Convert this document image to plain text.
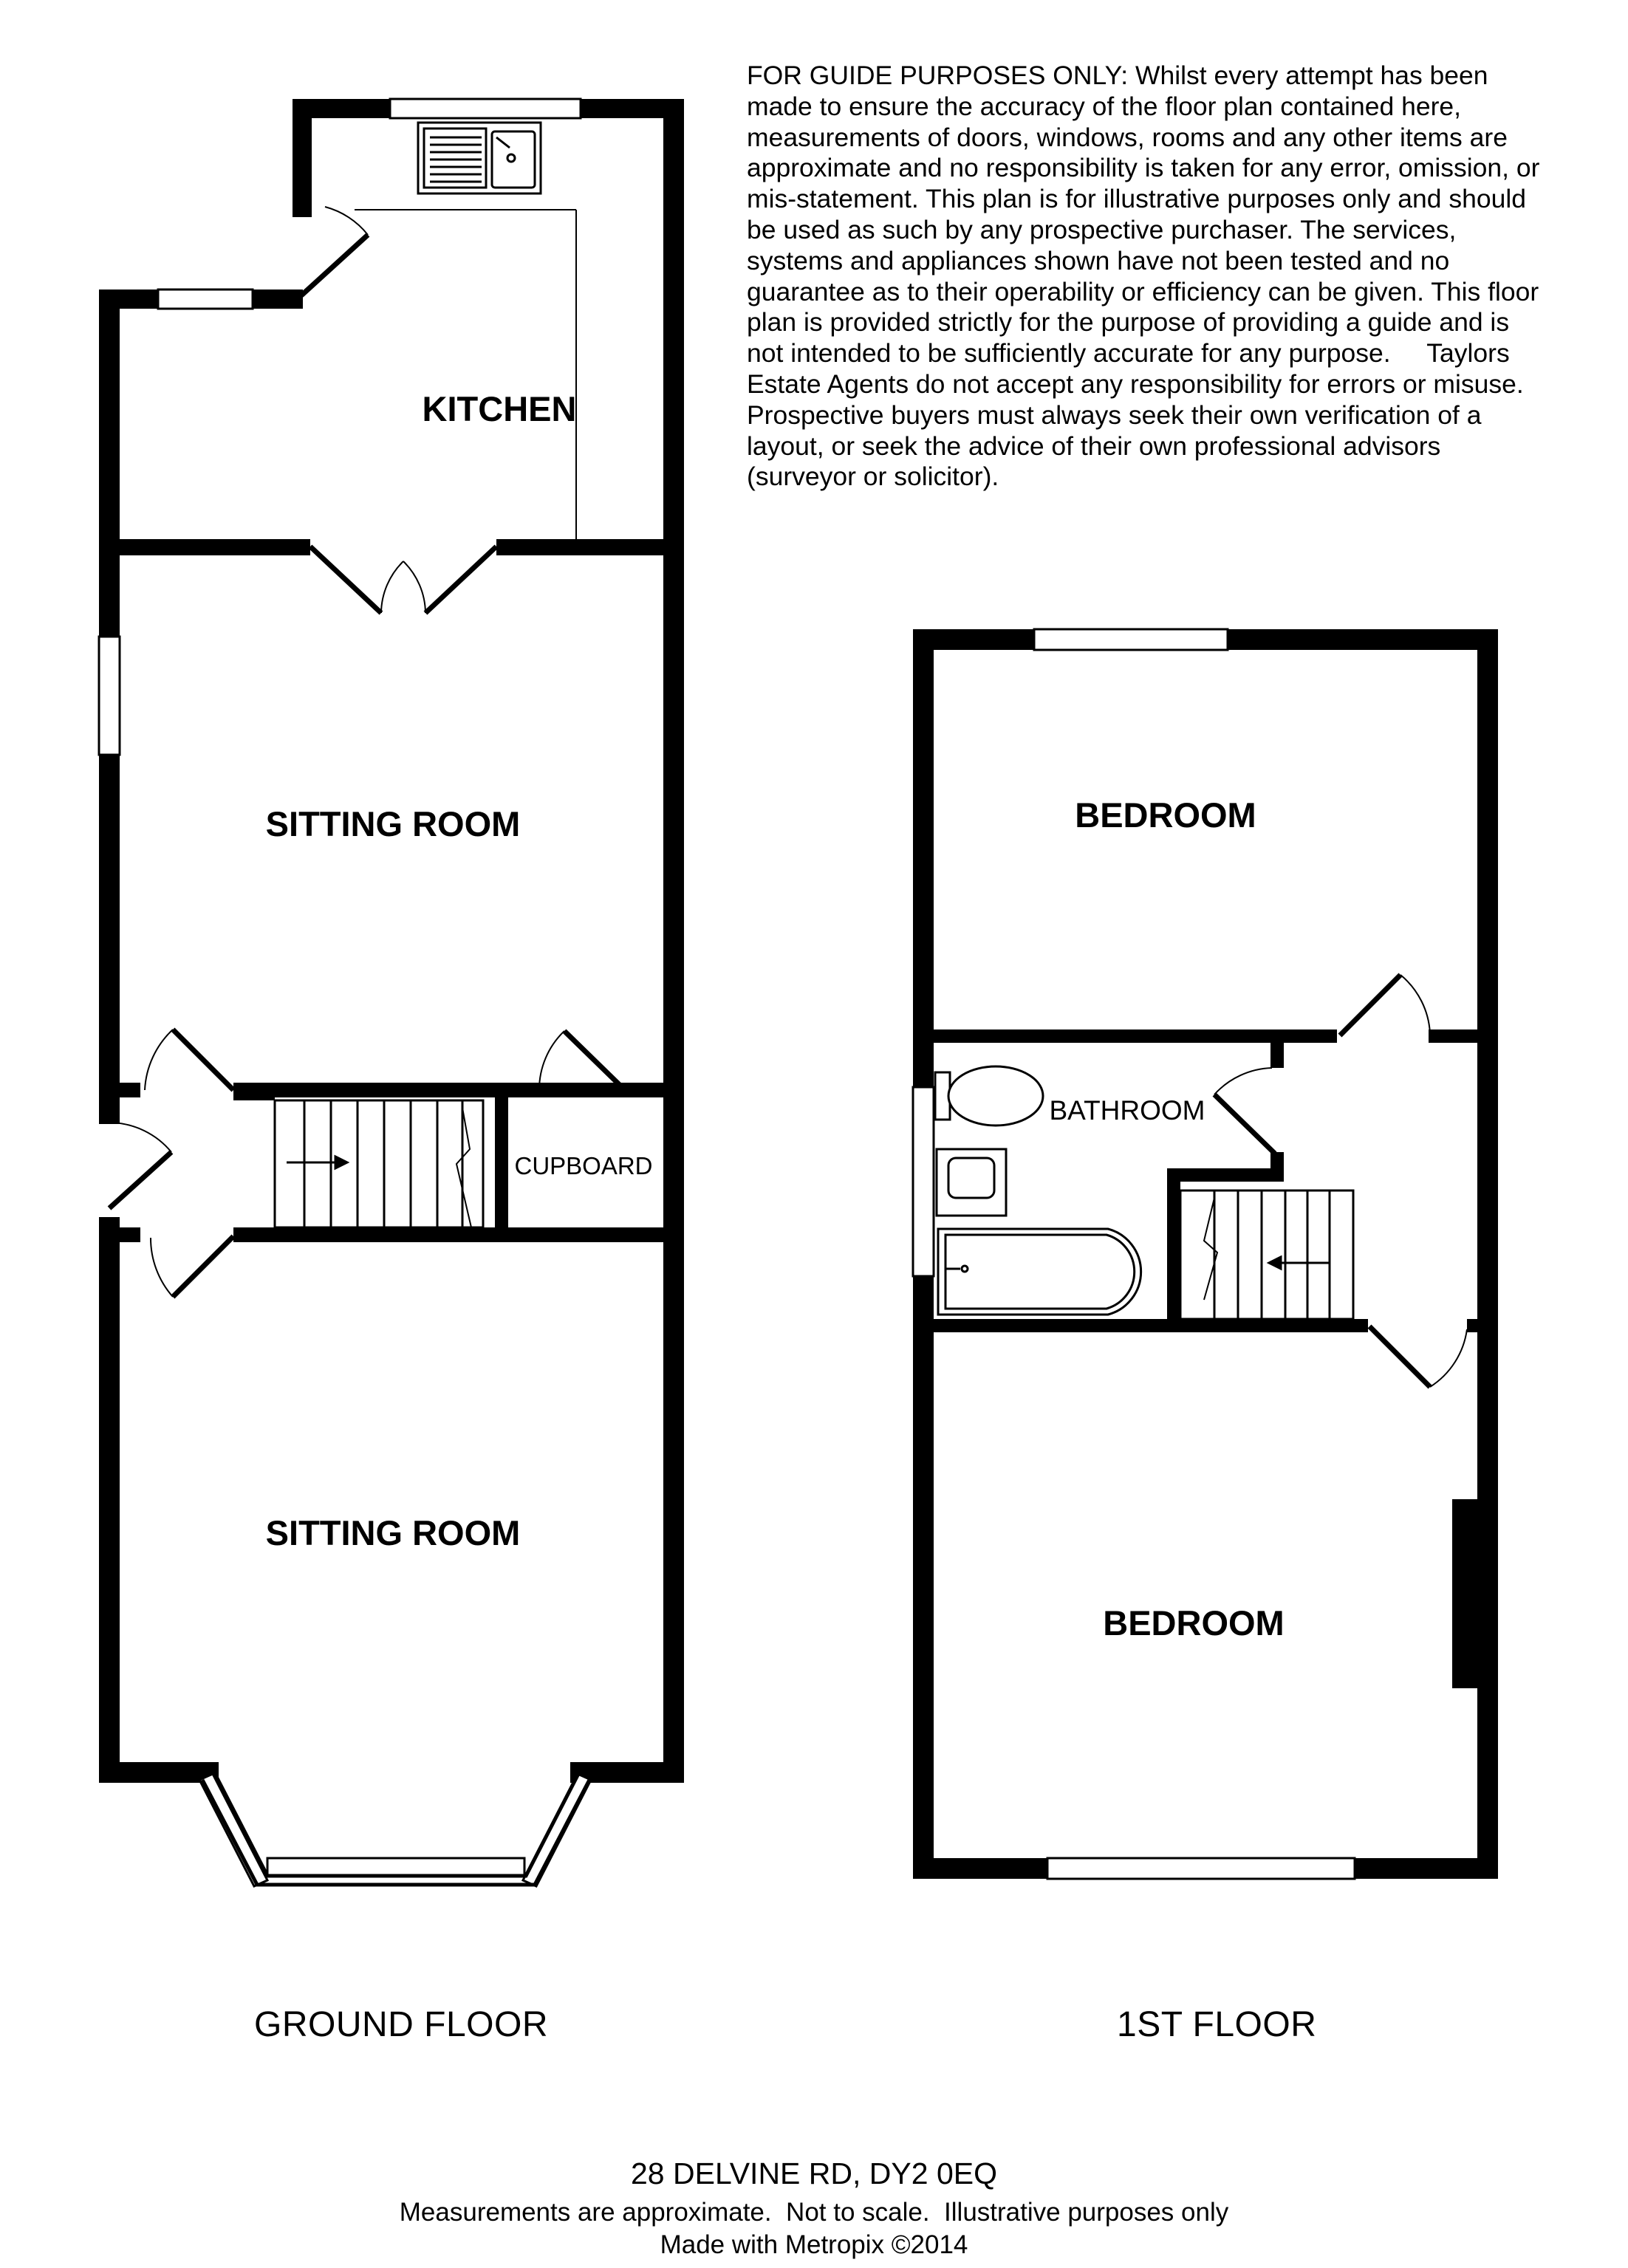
KITCHEN
SITTING ROOM
CUPBOARD
SITTING ROOM
BEDROOM
BATHROOM
BEDROOM
FOR GUIDE PURPOSES ONLY: Whilst every attempt has been
made to ensure the accuracy of the floor plan contained here,
measurements of doors, windows, rooms and any other items are
approximate and no responsibility is taken for any error, omission, or
mis-statement. This plan is for illustrative purposes only and should
be used as such by any prospective purchaser. The services,
systems and appliances shown have not been tested and no
guarantee as to their operability or efficiency can be given. This floor
plan is provided strictly for the purpose of providing a guide and is
not intended to be sufficiently accurate for any purpose.     Taylors
Estate Agents do not accept any responsibility for errors or misuse.
Prospective buyers must always seek their own verification of a
layout, or seek the advice of their own professional advisors
(surveyor or solicitor).
GROUND FLOOR	1ST FLOOR
28 DELVINE RD, DY2 0EQ
Measurements are approximate.  Not to scale.  Illustrative purposes only
Made with Metropix ©2014
